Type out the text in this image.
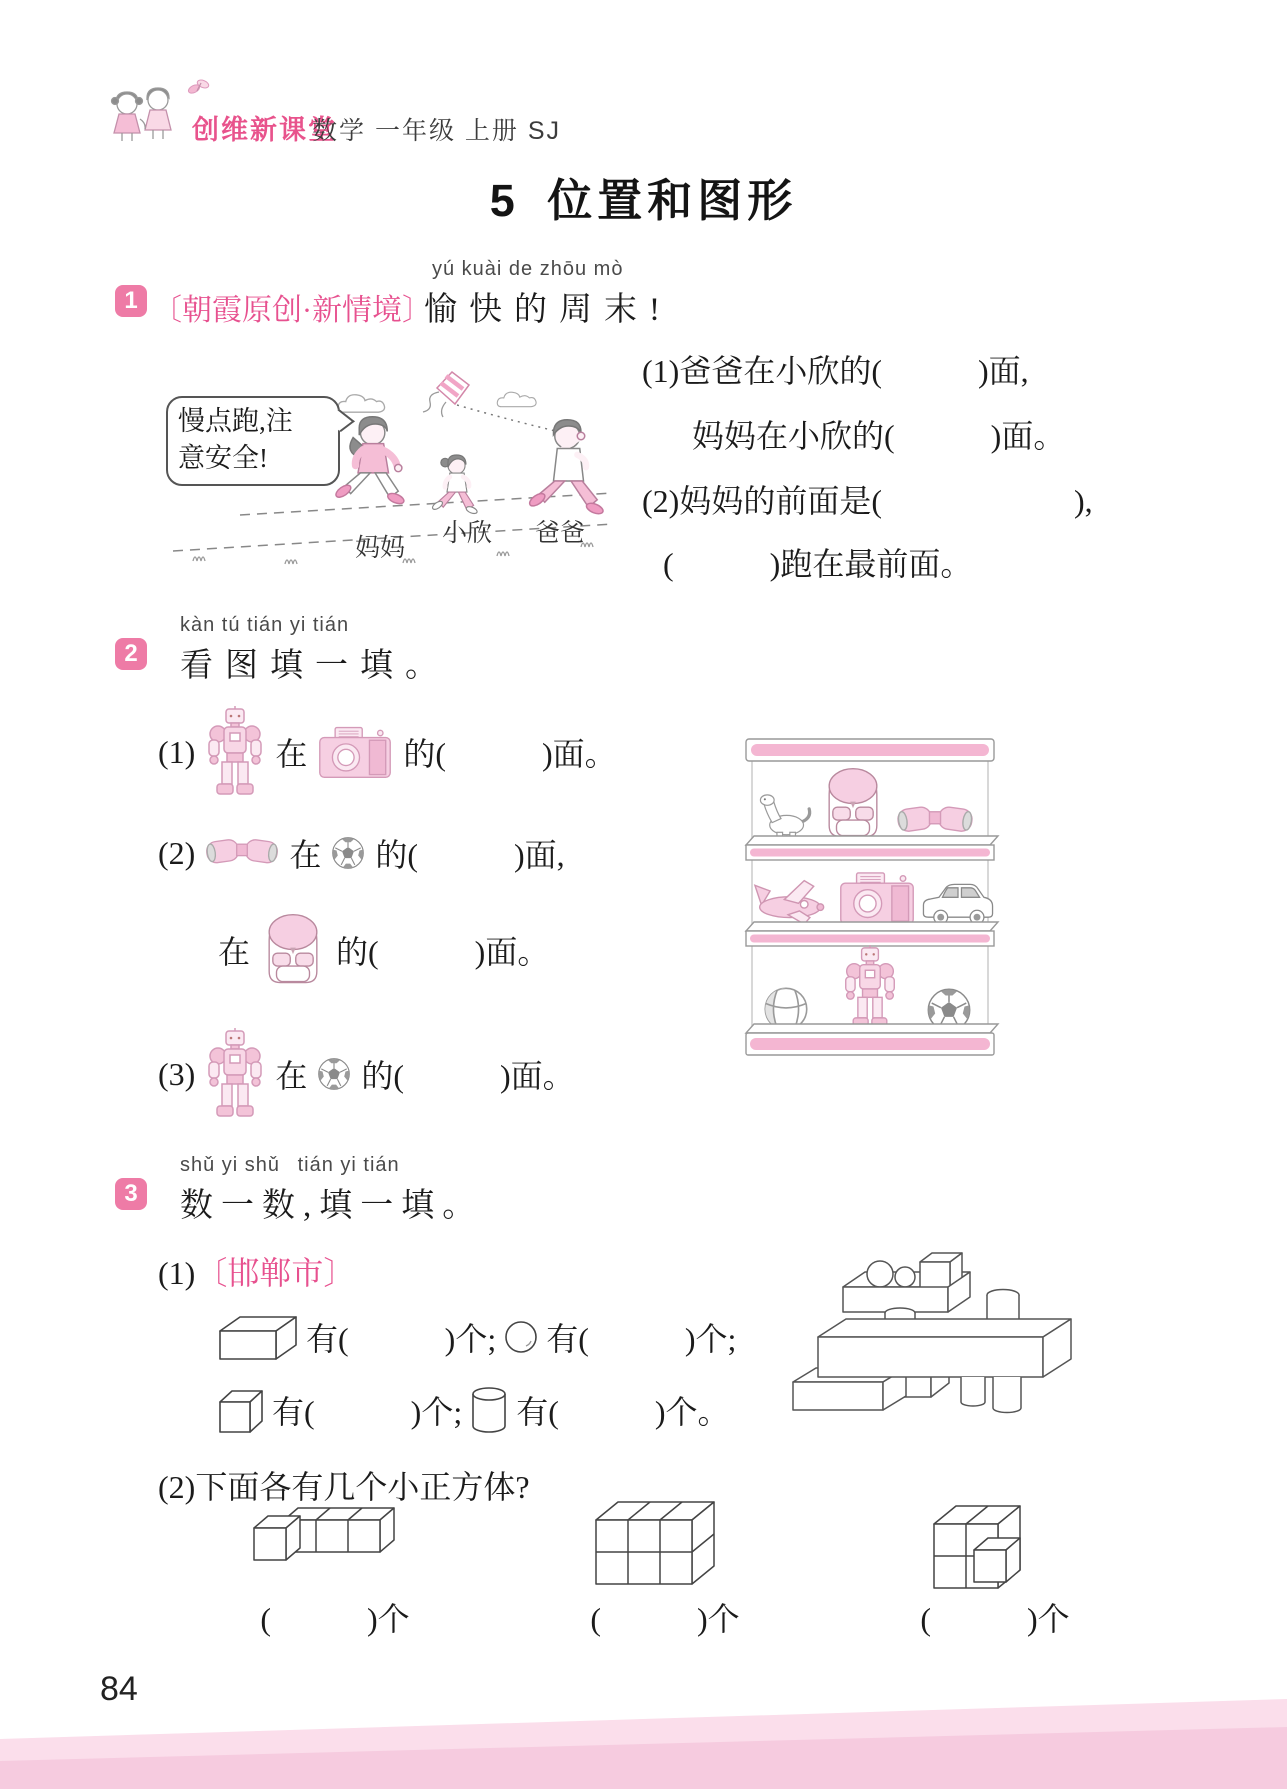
创维新课堂
数学 一年级 上册 SJ
5 位置和图形
1 〔朝霞原创·新情境〕
yú kuài de zhōu mò
愉快的周末!
妈妈
小欣 爸爸
慢点跑,注
意安全!
(1)爸爸在小欣的(　　　)面,
妈妈在小欣的(　　　)面。
(2)妈妈的前面是(　　　　　　),
(　　　)跑在最前面。
kàn tú tián yi tián
2 看图填一填。
(1)	在	的(　　　)面。
(2)	在 的(　　　)面,
在	的(　　　)面。
(3)	在 的(　　　)面。
shǔ yi shǔ  tián yi tián
3 数一数,填一填。
(1)〔邯郸市〕
有(　　　)个; 有(　　　)个;
有(　　　)个; 有(　　　)个。
(2)下面各有几个小正方体?
(　　　)个	(　　　)个	(　　　)个
84
